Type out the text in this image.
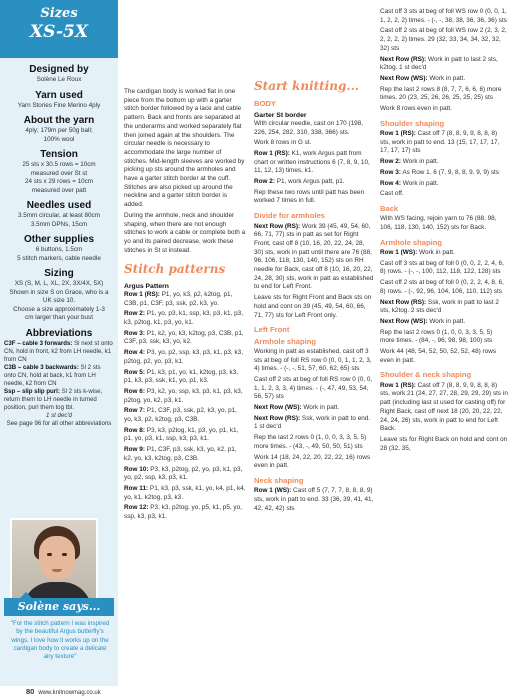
Sizes
XS-5X
Designed by
Solène Le Roux
Yarn used
Yarn Stories Fine Merino 4ply
About the yarn
4ply; 179m per 50g ball;
100% wool
Tension
25 sts x 30.5 rows = 10cm
measured over St st
24 sts x 29 rows = 10cm
measured over patt
Needles used
3.5mm circular, at least 80cm
3.5mm DPNs, 15cm
Other supplies
6 buttons, 1.5cm
5 stitch markers, cable needle
Sizing
XS (S, M, L, XL, 2X, 3X/4X, 5X)
Shown in size S on Grace, who is a
UK size 10.
Choose a size approximately 1-3
cm larger than your bust
Abbreviations
C3F – cable 3 forwards: Sl next st onto CN, hold in front, k2 from LH needle, k1 from CN
C3B – cable 3 backwards: Sl 2 sts onto CN, hold at back, k1 from LH needle, k2 from CN
Ssp – slip slip purl: Sl 2 sts k-wise, return them to LH needle in turned position, purl them tog tbl.
1 st dec'd
See page 96 for all other abbreviations
Solène says...
"For the stitch pattern I was inspired by the beautiful Argus butterfly's wings. I love how it works up on the cardigan body to create a delicate airy texture"
The cardigan body is worked flat in one piece from the bottom up with a garter stitch border followed by a lace and cable pattern. Back and fronts are separated at the underarms and worked separately flat then joined again at the shoulders. The circular needle is necessary to accommodate the large number of stitches. Mid-length sleeves are worked by picking up sts around the armholes and have a garter stitch border at the cuff. Stitches are also picked up around the neckline and a garter stitch border is added.
During the armhole, neck and shoulder shaping, when there are not enough stitches to work a cable or complete both a yo and its paired decrease, work these stitches in St st instead.
Stitch patterns
Argus Pattern
Row 1 (RS): P1, yo, k3, p2, k2tog, p1, C3B, p1, C3F, p3, ssk, p2, k3, yo.
Row 2: P1, yo, p3, k1, ssp, k3, p3, k1, p3, k3, p2tog, k1, p3, yo, k1.
Row 3: P1, k2, yo, k3, k2tog, p3, C3B, p1, C3F, p3, ssk, k3, yo, k2.
Row 4: P3, yo, p2, ssp, k3, p3, k1, p3, k3, p2tog, p2, yo, p3, k1.
Row 5: P1, k3, p1, yo, k1, k2tog, p3, k3, p1, k3, p3, ssk, k1, yo, p1, k3.
Row 6: P3, k2, yo, ssp, k3, p3, k1, p3, k3, p2tog, yo, k2, p3, k1.
Row 7: P1, C3F, p3, ssk, p2, k3, yo, p1, yo, k3, p2, k2tog, p3, C3B.
Row 8: P3, k3, p2tog, k1, p3, yo, p1, k1, p1, yo, p3, k1, ssp, k3, p3, k1.
Row 9: P1, C3F, p3, ssk, k3, yo, k2, p1, k2, yo, k3, k2tog, p3, C3B.
Row 10: P3, k3, p2tog, p2, yo, p3, k1, p3, yo, p2, ssp, k3, p3, k1.
Row 11: P1, k3, p3, ssk, k1, yo, k4, p1, k4, yo, k1, k2tog, p3, k3.
Row 12: P3, k3, p2tog, yo, p5, k1, p5, yo, ssp, k3, p3, k1.
Start knitting...
BODY
Garter St border
With circular needle, cast on 170 (198, 226, 254, 282, 310, 338, 366) sts.
Work 8 rows in G st.
Row 1 (RS): K1, work Argus patt from chart or written instructions 6 (7, 8, 9, 10, 11, 12, 13) times, k1.
Row 2: P1, work Argus patt, p1.
Rep these two rows until patt has been worked 7 times in full.
Divide for armholes
Next Row (RS): Work 39 (45, 49, 54, 60, 66, 71, 77) sts in patt as set for Right Front, cast off 8 (10, 16, 20, 22, 24, 28, 30) sts, work in patt until there are 76 (88, 96, 106, 118, 130, 140, 152) sts on RH needle for Back, cast off 8 (10, 16, 20, 22, 24, 28, 30) sts, work in patt as established to end for Left Front.
Leave sts for Right Front and Back sts on hold and cont on 39 (45, 49, 54, 60, 66, 71, 77) sts for Left Front only.
Left Front
Armhole shaping
Working in patt as established, cast off 3 sts at beg of foll RS row 0 (0, 0, 1, 1, 2, 3, 4) times. - (-, -, 51, 57, 60, 62, 65) sts
Cast off 2 sts at beg of foll RS row 0 (0, 0, 1, 1, 2, 3, 3, 4) times. - (-, 47, 49, 53, 54, 56, 57) sts
Next Row (WS): Work in patt.
Next Row (RS): Ssk, work in patt to end. 1 st dec'd
Rep the last 2 rows 0 (1, 0, 0, 3, 3, 5, 5) more times. - (43, -, 49, 50, 50, 51) sts
Work 14 (18, 24, 22, 20, 22, 22, 16) rows even in patt.
Neck shaping
Row 1 (WS): Cast off 5 (7, 7, 7, 8, 8, 8, 9) sts, work in patt to end. 33 (36, 39, 41, 41, 42, 42, 42) sts
Cast off 3 sts at beg of foll WS row 0 (0, 0, 1, 1, 2, 2, 2) times. - (-, -, 38, 38, 36, 36, 36) sts
Cast off 2 sts at beg of foll WS row 2 (2, 3, 2, 2, 2, 2, 2) times. 29 (32, 33, 34, 34, 32, 32, 32) sts
Next Row (RS): Work in patt to last 2 sts, k2tog. 1 st dec'd
Next Row (WS): Work in patt.
Rep the last 2 rows 8 (8, 7, 7, 6, 6, 6) more times. 20 (23, 25, 26, 26, 25, 25, 25) sts
Work 8 rows even in patt.
Shoulder shaping
Row 1 (RS): Cast off 7 (8, 8, 9, 9, 8, 8, 8) sts, work in patt to end. 13 (15, 17, 17, 17, 17, 17, 17) sts
Row 2: Work in patt.
Row 3: As Row 1. 6 (7, 9, 8, 8, 9, 9, 9) sts
Row 4: Work in patt.
Cast off.
Back
With WS facing, rejoin yarn to 76 (88, 98, 106, 118, 130, 140, 152) sts for Back.
Armhole shaping
Row 1 (WS): Work in patt.
Cast off 3 sts at beg of foll 0 (0, 0, 2, 2, 4, 6, 8) rows. - (-, -, 100, 112, 118, 122, 128) sts
Cast off 2 sts at beg of foll 0 (0, 2, 2, 4, 8, 6, 8) rows. - (-, 92, 96, 104, 106, 110, 112) sts
Next Row (RS): Ssk, work in patt to last 2 sts, k2tog. 2 sts dec'd
Next Row (WS): Work in patt.
Rep the last 2 rows 0 (1, 0, 0, 3, 3, 5, 5) more times. - (84, -, 96, 98, 98, 100) sts
Work 44 (48, 54, 52, 50, 52, 52, 48) rows even in patt.
Shoulder & neck shaping
Row 1 (RS): Cast off 7 (8, 8, 9, 9, 8, 8, 8) sts, work 21 (24, 27, 27, 28, 29, 29, 29) sts in patt (including last st used for casting off) for Right Back, cast off next 18 (20, 20, 22, 22, 24, 24, 26) sts, work in patt to end for Left Back.
Leave sts for Right Back on hold and cont on 28 (32, 35,
80 www.knitnowmag.co.uk
